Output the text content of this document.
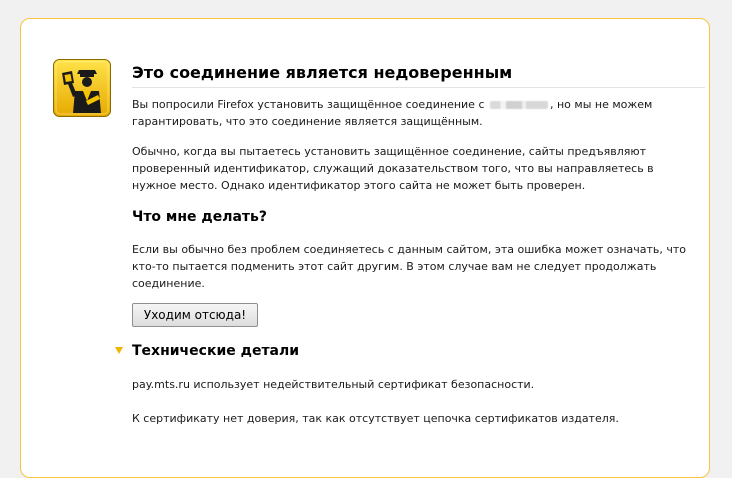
Это соединение является недоверенным

Вы попросили Firefox установить защищённое соединение с	, но мы не можем гарантировать, что это соединение является защищённым.

Обычно, когда вы пытаетесь установить защищённое соединение, сайты предъявляют проверенный идентификатор, служащий доказательством того, что вы направляетесь в нужное место. Однако идентификатор этого сайта не может быть проверен.

Что мне делать?

Если вы обычно без проблем соединяетесь с данным сайтом, эта ошибка может означать, что кто-то пытается подменить этот сайт другим. В этом случае вам не следует продолжать соединение.

Уходим отсюда!
Технические детали

pay.mts.ru использует недействительный сертификат безопасности.

К сертификату нет доверия, так как отсутствует цепочка сертификатов издателя.
